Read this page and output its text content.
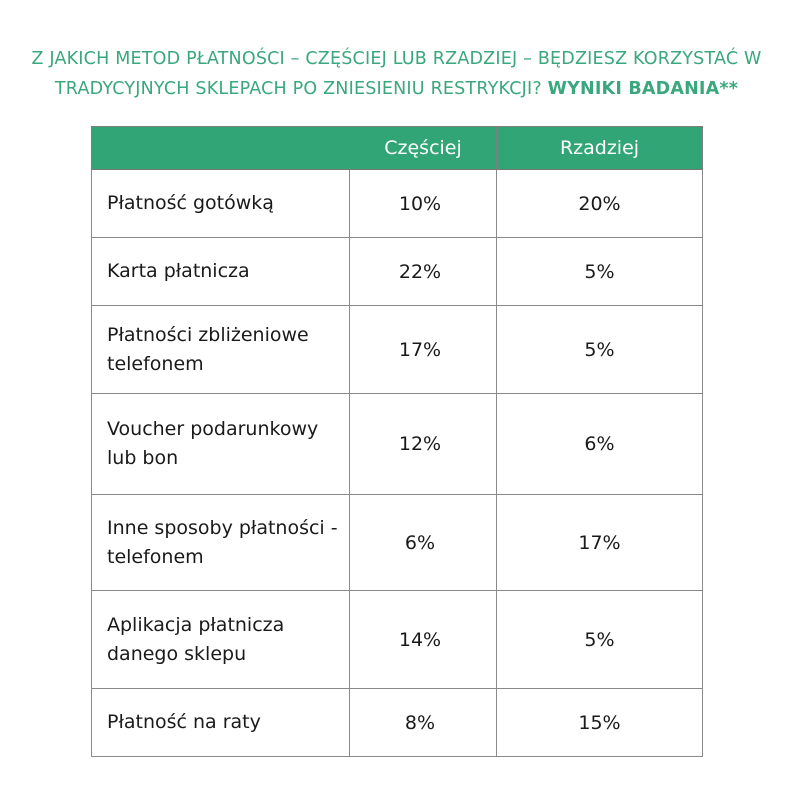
Z JAKICH METOD PŁATNOŚCI – CZĘŚCIEJ LUB RZADZIEJ – BĘDZIESZ KORZYSTAĆ W
TRADYCYJNYCH SKLEPACH PO ZNIESIENIU RESTRYKCJI? WYNIKI BADANIA**
	Częściej	Rzadziej
Płatność gotówką	10%	20%
Karta płatnicza	22%	5%
Płatności zbliżeniowe telefonem	17%	5%
Voucher podarunkowy lub bon	12%	6%
Inne sposoby płatności - telefonem	6%	17%
Aplikacja płatnicza danego sklepu	14%	5%
Płatność na raty	8%	15%
